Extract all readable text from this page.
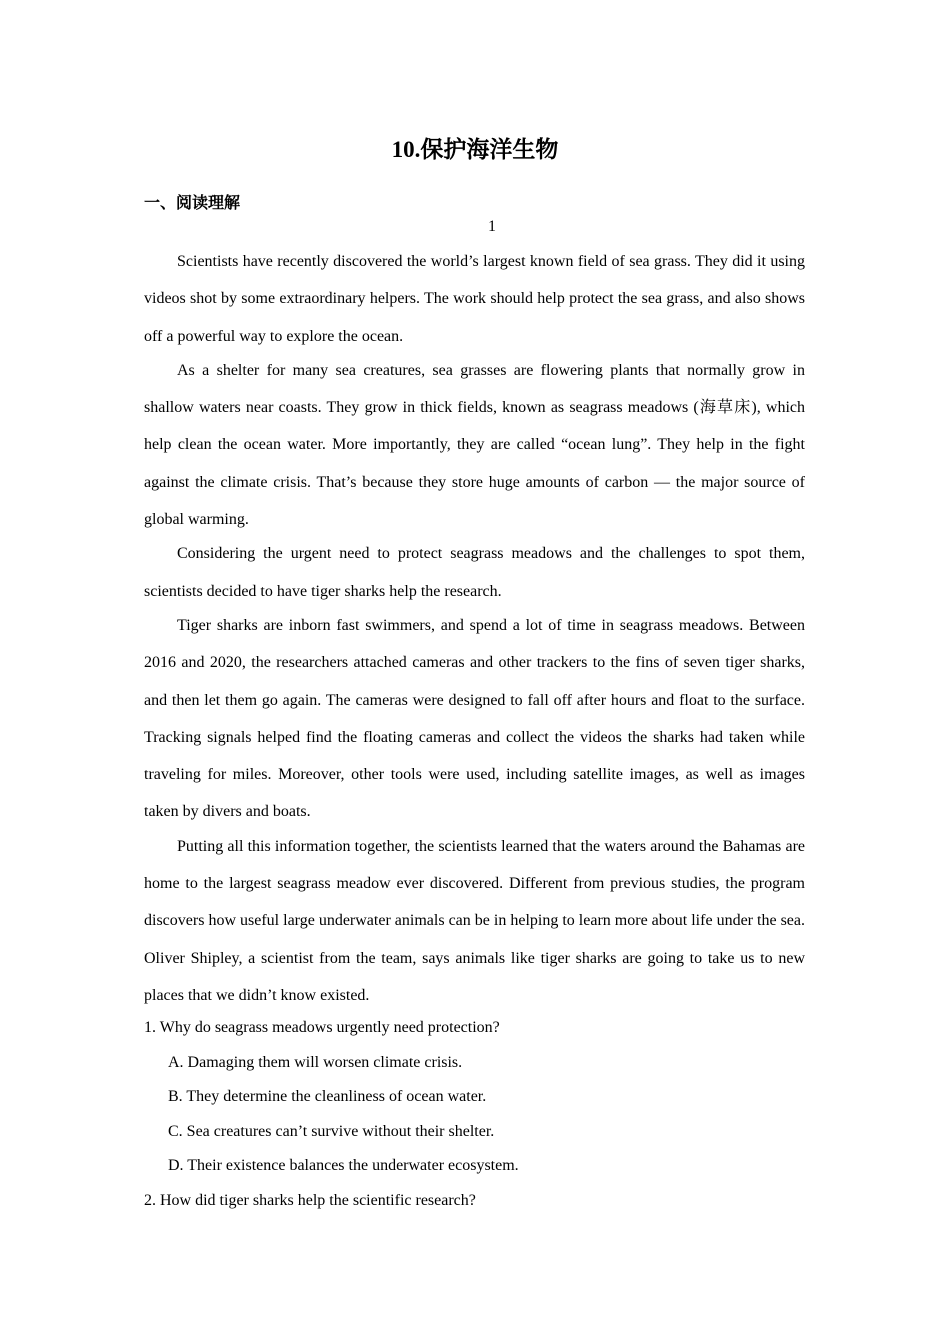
10.保护海洋生物
一、阅读理解
1

Scientists have recently discovered the world’s largest known field of sea grass. They did it using videos shot by some extraordinary helpers. The work should help protect the sea grass, and also shows off a powerful way to explore the ocean.

As a shelter for many sea creatures, sea grasses are flowering plants that normally grow in shallow waters near coasts. They grow in thick fields, known as seagrass meadows (海草床), which help clean the ocean water. More importantly, they are called “ocean lung”. They help in the fight against the climate crisis. That’s because they store huge amounts of carbon — the major source of global warming.

Considering the urgent need to protect seagrass meadows and the challenges to spot them, scientists decided to have tiger sharks help the research.

Tiger sharks are inborn fast swimmers, and spend a lot of time in seagrass meadows. Between 2016 and 2020, the researchers attached cameras and other trackers to the fins of seven tiger sharks, and then let them go again. The cameras were designed to fall off after hours and float to the surface. Tracking signals helped find the floating cameras and collect the videos the sharks had taken while traveling for miles. Moreover, other tools were used, including satellite images, as well as images taken by divers and boats.

Putting all this information together, the scientists learned that the waters around the Bahamas are home to the largest seagrass meadow ever discovered. Different from previous studies, the program discovers how useful large underwater animals can be in helping to learn more about life under the sea. Oliver Shipley, a scientist from the team, says animals like tiger sharks are going to take us to new places that we didn’t know existed.

1. Why do seagrass meadows urgently need protection?

A. Damaging them will worsen climate crisis.

B. They determine the cleanliness of ocean water.

C. Sea creatures can’t survive without their shelter.

D. Their existence balances the underwater ecosystem.

2. How did tiger sharks help the scientific research?
